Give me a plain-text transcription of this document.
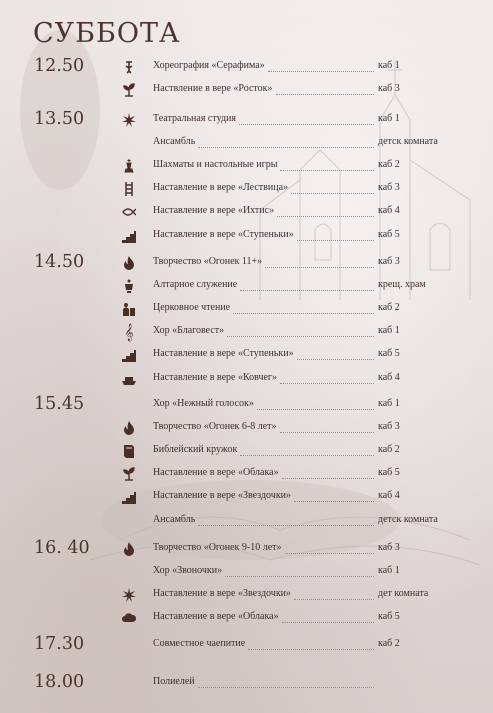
СУББОТА
12.50	Хореография «Серафима»	каб 1
Наствление в вере «Росток»	каб 3
13.50	Театральная студия	каб 1
Ансамбль	детск комната
Шахматы и настольные игры	каб 2
Наставление в вере «Лествица»	каб 3
Наставление в вере «Ихтис»	каб 4
Наставление в вере «Ступеньки»	каб 5
14.50	Творчество «Огонек 11+»	каб 3
Алтарное служение	крещ. храм
Церковное чтение	каб 2
𝄞	Хор «Благовест»	каб 1
Наставление в вере «Ступеньки»	каб 5
Наставление в вере «Ковчег»	каб 4
15.45	Хор «Нежный голосок»	каб 1
Творчество «Огонек 6-8 лет»	каб 3
Библейский кружок	каб 2
Наставление в вере «Облака»	каб 5
Наставление в вере «Звездочки»	каб 4
Ансамбль	детск комната
16. 40	Творчество «Огонек 9-10 лет»	каб 3
Хор «Звоночки»	каб 1
Наставление в вере «Звездочки»	дет комната
Наставление в вере «Облака»	каб 5
17.30	Совместное чаепитие	каб 2
18.00	Полиелей
